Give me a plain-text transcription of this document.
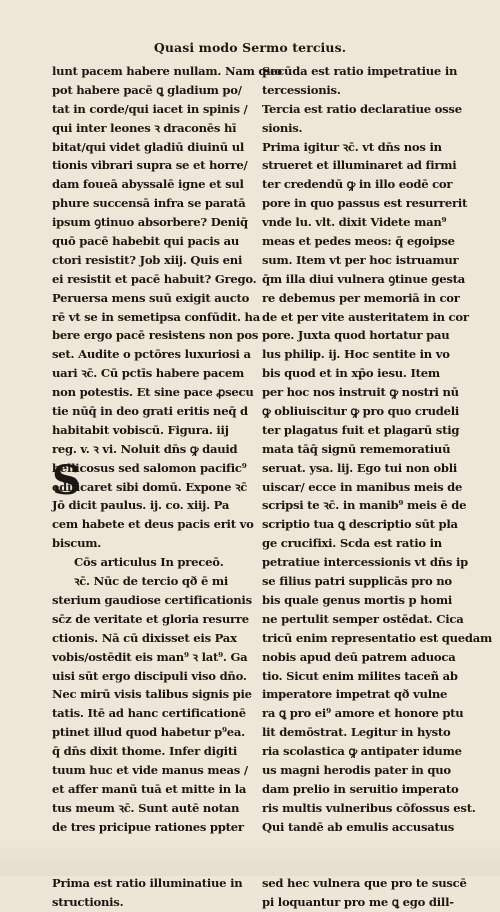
Quasi modo Sermo tercius.
lunt pacem habere nullam. Nam quo
pot habere pacē ꝗ gladium po/
tat in corde/qui iacet in spinis /
qui inter leones ꝛ draconēs hī
bitat/qui videt gladiū diuinū ul
tionis vibrari supra se et horre/
dam foueā abyssalē igne et sul
phure succensā infra se paratā
ipsum ꝯtinuo absorbere? Deniq̄
quō pacē habebit qui pacis au
ctori resistit? Job xiij. Quis eni
ei resistit et pacē habuit? Grego.
Peruersa mens suū exigit aucto
rē vt se in semetipsa confūdit. ha
bere ergo pacē resistens non pos
set. Audite o pctōres luxuriosi a
uari ꝛc̄. Cū pctīs habere pacem
non potestis. Et sine pace ꝓsecu
tie nūq̄ in deo grati eritis neq̄ d
habitabit vobiscū. Figura. iij
reg. v. ꝛ vi. Noluit dn̄s ꝙ dauid
bellicosus sed salomon pacific⁹
edificaret sibi domū. Expone ꝛc̄
Jō dicit paulus. ij. co. xiij. Pa
cem habete et deus pacis erit vo
biscum.
Cōs articulus In preceō.
ꝛc̄. Nūc de tercio qð ē mi
sterium gaudiose certificationis
sc̄z de veritate et gloria resurre
ctionis. Nā cū dixisset eis Pax
vobis/ostēdit eis man⁹ ꝛ lat⁹. Ga
uisi sūt ergo discipuli viso dn̄o.
Nec mirū visis talibus signis pie
tatis. Itē ad hanc certificationē
ptinet illud quod habetur p⁹ea.
q̄ dn̄s dixit thome. Infer digiti
tuum huc et vide manus meas /
et affer manū tuā et mitte in la
tus meum ꝛc̄. Sunt autē notan
de tres pricipue rationes ppter
Prima est ratio illuminatiue in
structionis.
Secūda est ratio impetratiue in
tercessionis.
Tercia est ratio declaratiue osse
sionis.
Prima igitur ꝛc̄. vt dn̄s nos in
strueret et illuminaret ad firmi
ter credendū ꝙ in illo eodē cor
pore in quo passus est resurrerit
vnde lu. vlt. dixit Videte man⁹
meas et pedes meos: q̄ egoipse
sum. Item vt per hoc istruamur
q̄m illa diui vulnera ꝯtinue gesta
re debemus per memoriā in cor
de et per vite austeritatem in cor
pore. Juxta quod hortatur pau
lus philip. ij. Hoc sentite in vo
bis quod et in xp̄o iesu. Item
per hoc nos instruit ꝙ nostri nū
ꝙ obliuiscitur ꝙ pro quo crudeli
ter plagatus fuit et plagarū stig
mata tāq̄ signū rememoratiuū
seruat. ysa. lij. Ego tui non obli
uiscar/ ecce in manibus meis de
scripsi te ꝛc̄. in manib⁹ meis ē de
scriptio tua ꝗ descriptio sūt pla
ge crucifixi. Scda est ratio in
petratiue intercessionis vt dn̄s ip
se filius patri supplicās pro no
bis quale genus mortis p homi
ne pertulit semper ostēdat. Cica
tricū enim representatio est quedam
nobis apud deū patrem aduoca
tio. Sicut enim milites taceñ ab
imperatore impetrat qð vulne
ra ꝗ pro ei⁹ amore et honore ptu
lit demōstrat. Legitur in hysto
ria scolastica ꝙ antipater idume
us magni herodis pater in quo
dam prelio in seruitio imperato
ris multis vulneribus cōfossus est.
Qui tandē ab emulis accusatus
sed hec vulnera que pro te suscē
pi loquantur pro me ꝗ ego dill-
S
